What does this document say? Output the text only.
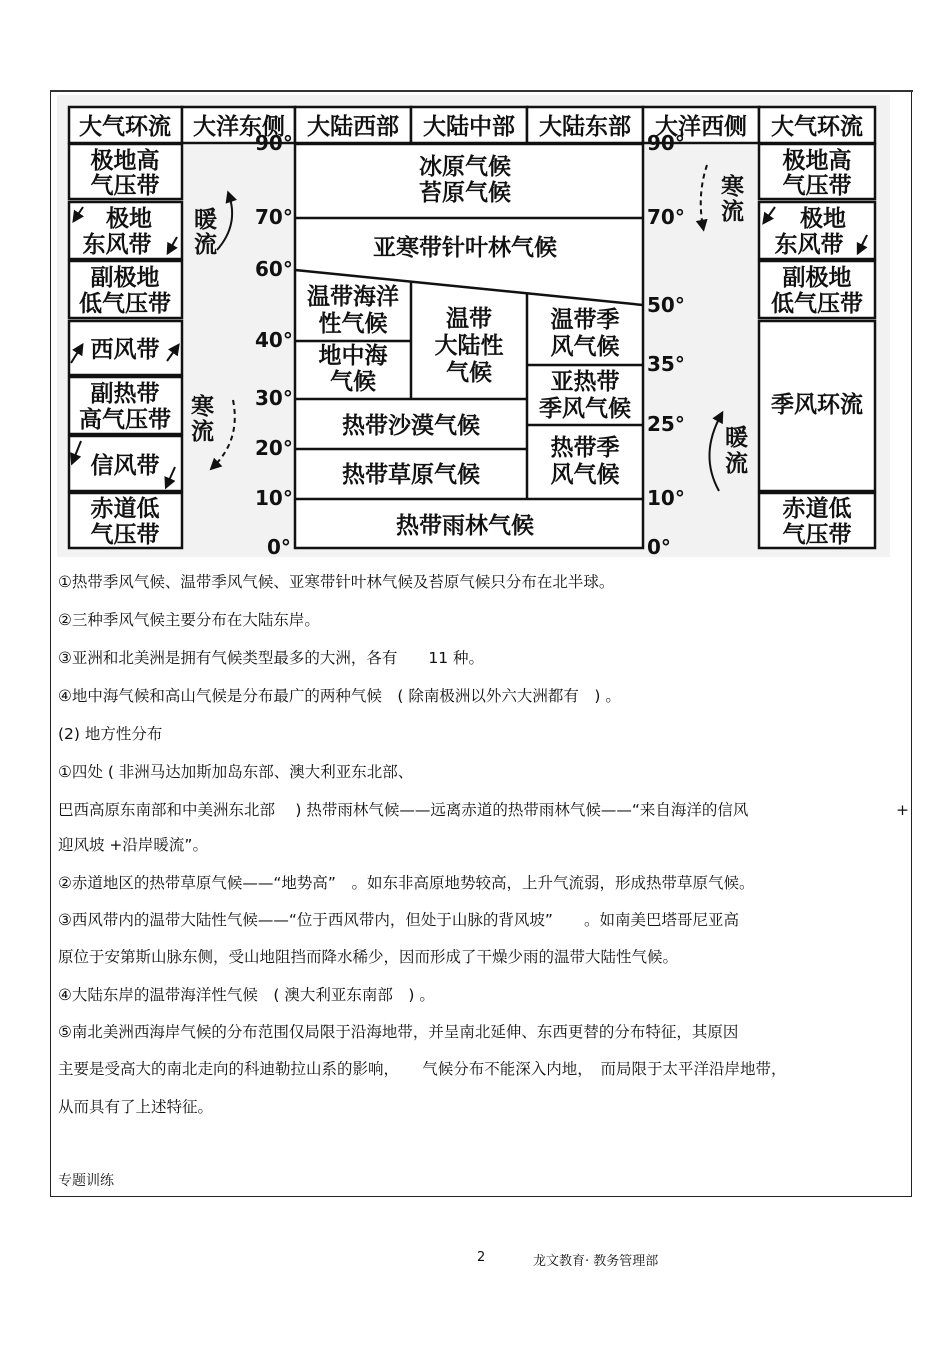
大气环流 大洋东侧 大陆西部 大陆中部 大陆东部 大洋西侧 大气环流
极地高
气压带
极地
东风带
副极地
低气压带
西风带
副热带
高气压带
信风带
赤道低
气压带
极地高
气压带
极地
东风带
副极地
低气压带
季风环流
赤道低
气压带
90°
70°
60°
40°
30°
20°
10°
0°
90°
70°
50°
35°
25°
10°
0°
暖
流
寒
流
寒
流
暖
流
冰原气候
苔原气候
亚寒带针叶林气候
温带海洋
性气候
地中海
气候
温带
大陆性
气候
温带季
风气候
亚热带
季风气候
热带沙漠气候
热带草原气候
热带季
风气候
热带雨林气候
①热带季风气候、温带季风气候、亚寒带针叶林气候及苔原气候只分布在北半球。
②三种季风气候主要分布在大陆东岸。
③亚洲和北美洲是拥有气候类型最多的大洲，各有　　11 种。
④地中海气候和高山气候是分布最广的两种气候　( 除南极洲以外六大洲都有　) 。
(2) 地方性分布
①四处 ( 非洲马达加斯加岛东部、澳大利亚东北部、
巴西高原东南部和中美洲东北部　 ) 热带雨林气候——远离赤道的热带雨林气候——“来自海洋的信风	+
迎风坡 +沿岸暖流”。
②赤道地区的热带草原气候——“地势高”　。如东非高原地势较高，上升气流弱，形成热带草原气候。
③西风带内的温带大陆性气候——“位于西风带内，但处于山脉的背风坡”　　。如南美巴塔哥尼亚高
原位于安第斯山脉东侧，受山地阻挡而降水稀少，因而形成了干燥少雨的温带大陆性气候。
④大陆东岸的温带海洋性气候　( 澳大利亚东南部　) 。
⑤南北美洲西海岸气候的分布范围仅局限于沿海地带，并呈南北延伸、东西更替的分布特征，其原因
主要是受高大的南北走向的科迪勒拉山系的影响，　　气候分布不能深入内地，　而局限于太平洋沿岸地带，
从而具有了上述特征。
专题训练
2	龙文教育· 教务管理部
